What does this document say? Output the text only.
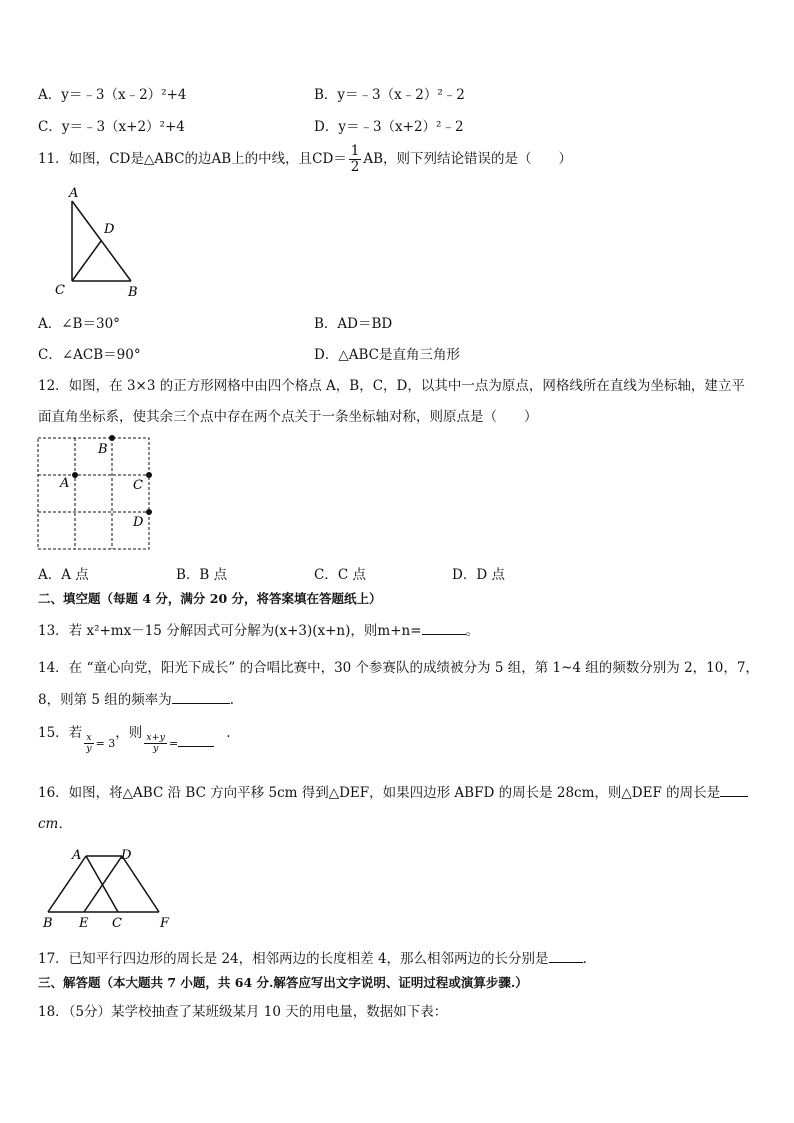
A．y＝﹣3（x﹣2）²+4	B．y＝﹣3（x﹣2）²﹣2
C．y＝﹣3（x+2）²+4	D．y＝﹣3（x+2）²﹣2
11．如图，CD是△ABC的边AB上的中线，且$CD= \frac{1}{2}$ AB，则下列结论错误的是（　　）
A
D
C	B
A．∠B＝30°	B．AD＝BD
C．∠ACB＝90°	D．△ABC是直角三角形
12．如图，在 3×3 的正方形网格中由四个格点 A，B，C，D，以其中一点为原点，网格线所在直线为坐标轴，建立平
面直角坐标系，使其余三个点中存在两个点关于一条坐标轴对称，则原点是（　　）
B
A	C
D
A．A 点	B．B 点	C．C 点	D．D 点
二、填空题（每题 4 分，满分 20 分，将答案填在答题纸上）
13．若 x²+mx－15 分解因式可分解为(x+3)(x+n)，则m+n=	。
14．在 “童心向党，阳光下成长” 的合唱比赛中，30 个参赛队的成绩被分为 5 组，第 1~4 组的频数分别为 2，10，7，
8，则第 5 组的频率为	.
15．若 $\frac{x}{y} _{= 3}$，则 $\frac{x+y}{y} _=$.
16．如图，将△ABC 沿 BC 方向平移 5cm 得到△DEF，如果四边形 ABFD 的周长是 28cm，则△DEF 的周长是
cm．
A	D
B E C	F
17．已知平行四边形的周长是 24，相邻两边的长度相差 4，那么相邻两边的长分别是	.
三、解答题（本大题共 7 小题，共 64 分.解答应写出文字说明、证明过程或演算步骤.）
18．（5分）某学校抽查了某班级某月 10 天的用电量，数据如下表：
